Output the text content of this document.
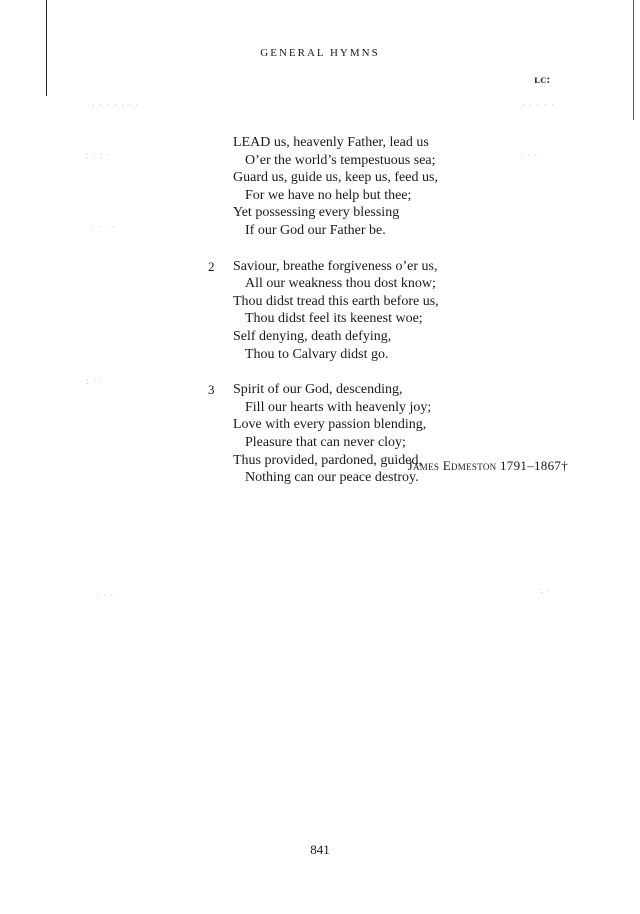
ʟᴄ:
· · · · ·
· · · · · · ·
: · : ·	· · ·
· · · ·
: · ·
· · ·	: ·
GENERAL HYMNS
LEAD us, heavenly Father, lead us
O’er the world’s tempestuous sea;
Guard us, guide us, keep us, feed us,
For we have no help but thee;
Yet possessing every blessing
If our God our Father be.
2 Saviour, breathe forgiveness o’er us,
All our weakness thou dost know;
Thou didst tread this earth before us,
Thou didst feel its keenest woe;
Self denying, death defying,
Thou to Calvary didst go.
3 Spirit of our God, descending,
Fill our hearts with heavenly joy;
Love with every passion blending,
Pleasure that can never cloy;
Thus provided, pardoned, guided,
Nothing can our peace destroy.
James Edmeston 1791–1867†
841
